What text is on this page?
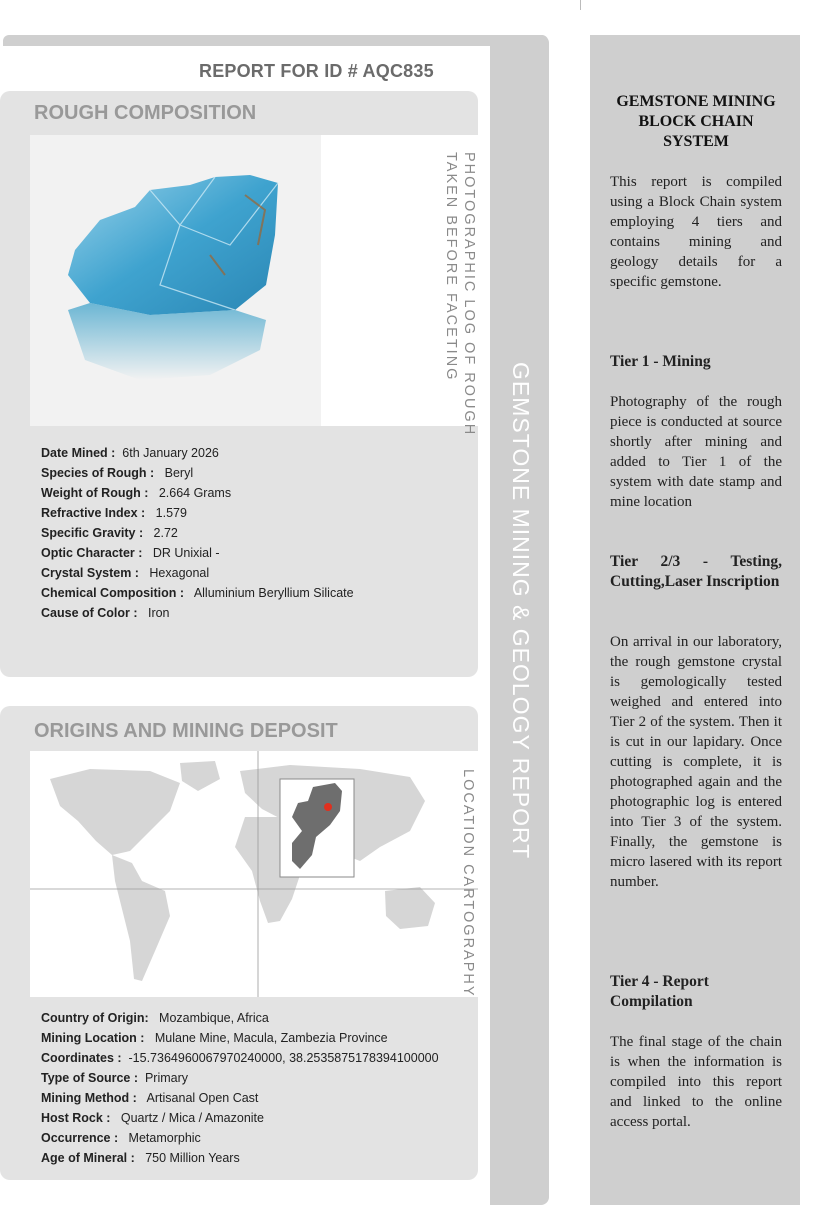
GEMSTONE MINING & GEOLOGY REPORT
REPORT FOR ID # AQC835
ROUGH COMPOSITION
PHOTOGRAPHIC LOG OF ROUGH
TAKEN BEFORE FACETING
Date Mined : 6th January 2026
Species of Rough : Beryl
Weight of Rough : 2.664 Grams
Refractive Index : 1.579
Specific Gravity : 2.72
Optic Character : DR Unixial -
Crystal System : Hexagonal
Chemical Composition : Alluminium Beryllium Silicate
Cause of Color : Iron
ORIGINS AND MINING DEPOSIT
LOCATION CARTOGRAPHY
Country of Origin: Mozambique, Africa
Mining Location : Mulane Mine, Macula, Zambezia Province
Coordinates : -15.7364960067970240000, 38.2535875178394100000
Type of Source : Primary
Mining Method : Artisanal Open Cast
Host Rock : Quartz / Mica / Amazonite
Occurrence : Metamorphic
Age of Mineral : 750 Million Years
GEMSTONE MINING BLOCK CHAIN SYSTEM
This report is compiled using a Block Chain system employing 4 tiers and contains mining and geology details for a specific gemstone.
Tier 1 - Mining
Photography of the rough piece is conducted at source shortly after mining and added to Tier 1 of the system with date stamp and mine location
Tier 2/3 - Testing, Cutting,Laser Inscription
On arrival in our laboratory, the rough gemstone crystal is gemologically tested weighed and entered into Tier 2 of the system. Then it is cut in our lapidary. Once cutting is complete, it is photographed again and the photographic log is entered into Tier 3 of the system. Finally, the gemstone is micro lasered with its report number.
Tier 4 - Report Compilation
The final stage of the chain is when the information is compiled into this report and linked to the online access portal.
